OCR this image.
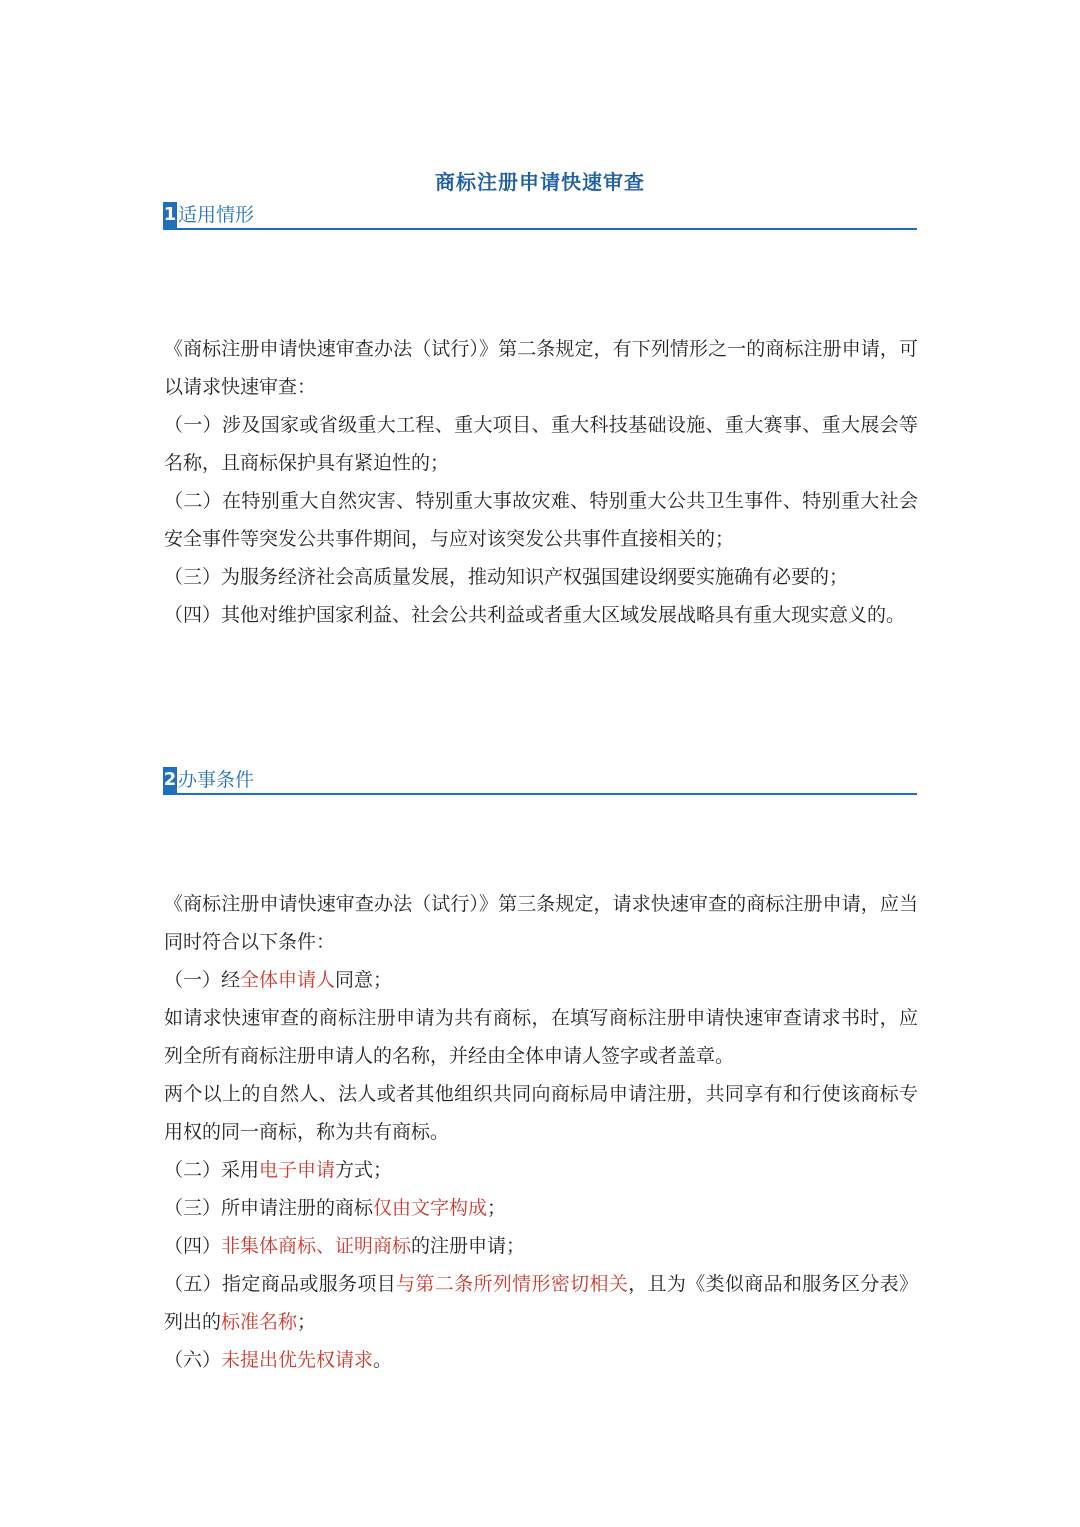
商标注册申请快速审查
1 适用情形

《商标注册申请快速审查办法（试行）》第二条规定，有下列情形之一的商标注册申请，可以请求快速审查：

（一）涉及国家或省级重大工程、重大项目、重大科技基础设施、重大赛事、重大展会等名称，且商标保护具有紧迫性的；

（二）在特别重大自然灾害、特别重大事故灾难、特别重大公共卫生事件、特别重大社会安全事件等突发公共事件期间，与应对该突发公共事件直接相关的；

（三）为服务经济社会高质量发展，推动知识产权强国建设纲要实施确有必要的；

（四）其他对维护国家利益、社会公共利益或者重大区域发展战略具有重大现实意义的。

2 办事条件

《商标注册申请快速审查办法（试行）》第三条规定，请求快速审查的商标注册申请，应当同时符合以下条件：

（一）经全体申请人同意；

如请求快速审查的商标注册申请为共有商标，在填写商标注册申请快速审查请求书时，应列全所有商标注册申请人的名称，并经由全体申请人签字或者盖章。

两个以上的自然人、法人或者其他组织共同向商标局申请注册，共同享有和行使该商标专用权的同一商标，称为共有商标。

（二）采用电子申请方式；

（三）所申请注册的商标仅由文字构成；

（四）非集体商标、证明商标的注册申请；

（五）指定商品或服务项目与第二条所列情形密切相关，且为《类似商品和服务区分表》列出的标准名称；

（六）未提出优先权请求。
